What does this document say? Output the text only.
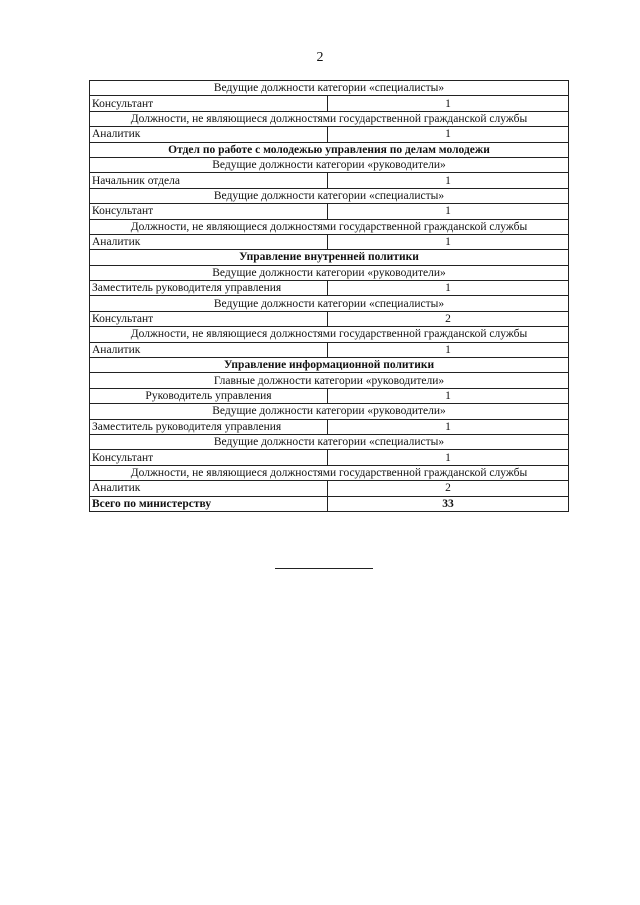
2
Ведущие должности категории «специалисты»	
Консультант	1
Должности, не являющиеся должностями государственной гражданской службы	
Аналитик	1
Отдел по работе с молодежью управления по делам молодежи	
Ведущие должности категории «руководители»	
Начальник отдела	1
Ведущие должности категории «специалисты»	
Консультант	1
Должности, не являющиеся должностями государственной гражданской службы	
Аналитик	1
Управление внутренней политики	
Ведущие должности категории «руководители»	
Заместитель руководителя управления	1
Ведущие должности категории «специалисты»	
Консультант	2
Должности, не являющиеся должностями государственной гражданской службы	
Аналитик	1
Управление информационной политики	
Главные должности категории «руководители»	
Руководитель управления	1
Ведущие должности категории «руководители»	
Заместитель руководителя управления	1
Ведущие должности категории «специалисты»	
Консультант	1
Должности, не являющиеся должностями государственной гражданской службы	
Аналитик	2
Всего по министерству	33
